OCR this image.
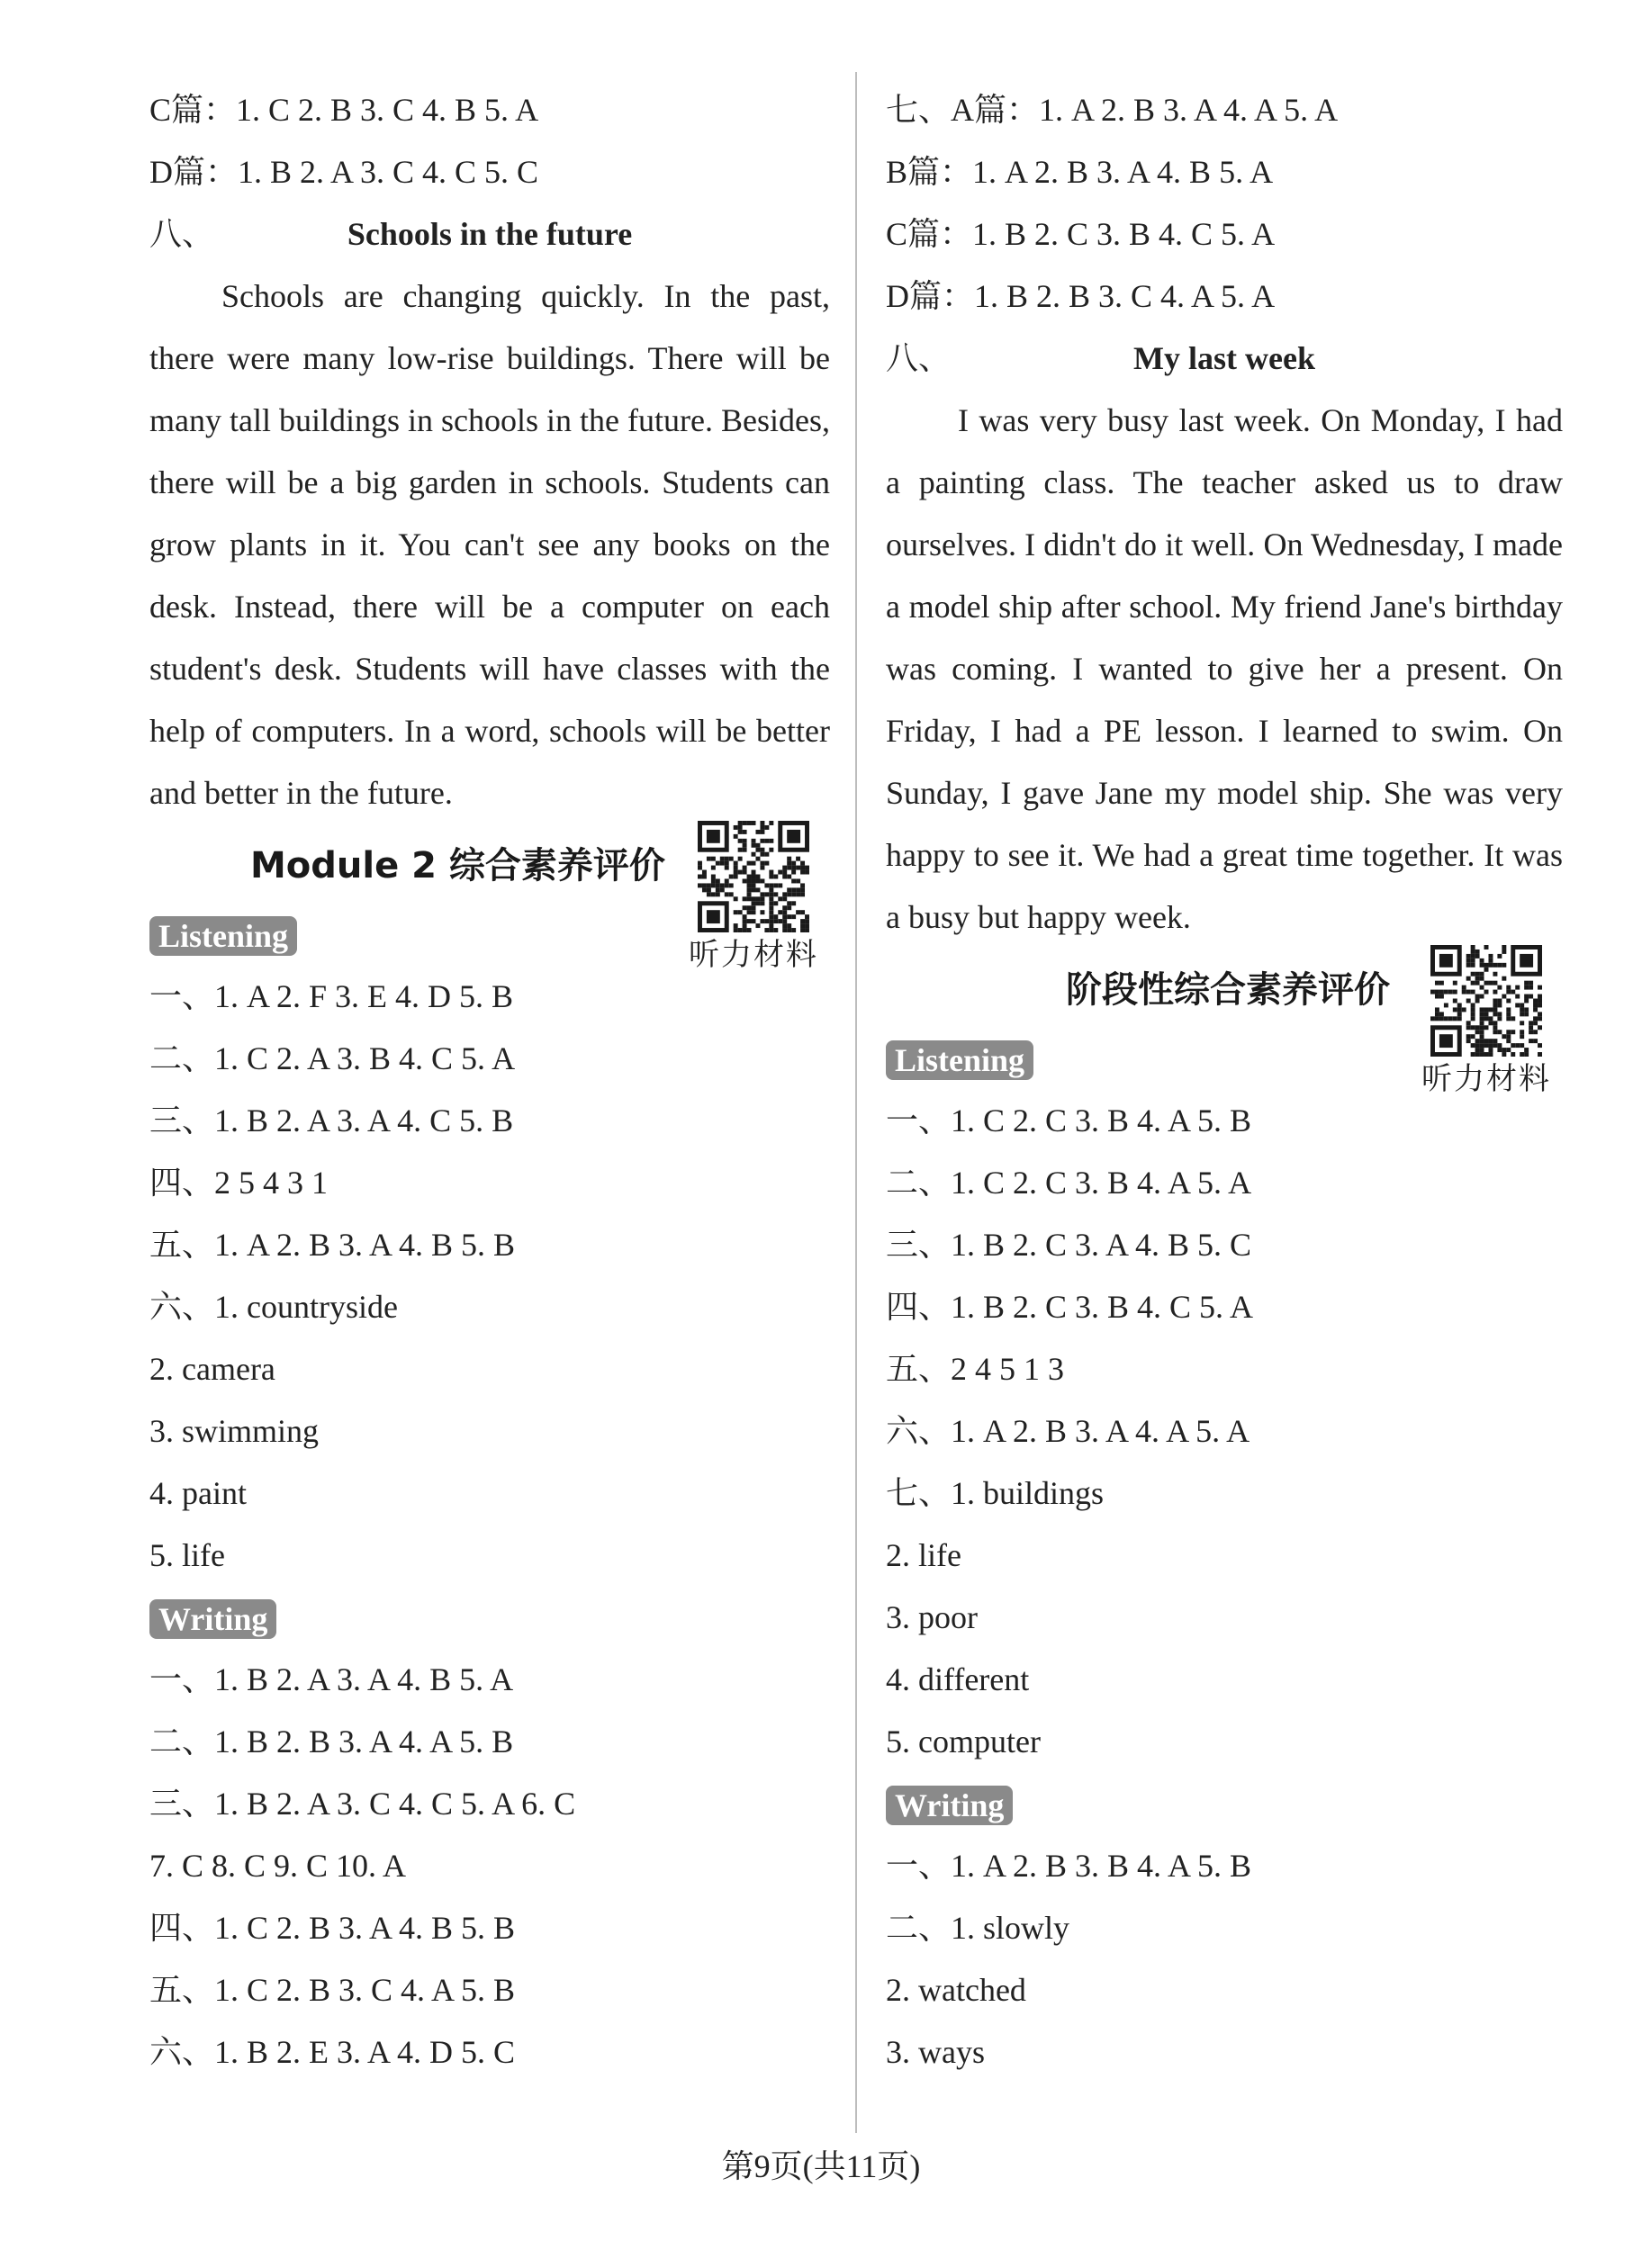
C篇：1. C 2. B 3. C 4. B 5. A
D篇：1. B 2. A 3. C 4. C 5. C
八、	Schools in the future

Schools are changing quickly. In the past, there were many low-rise buildings. There will be many tall buildings in schools in the future. Besides, there will be a big garden in schools. Students can grow plants in it. You can't see any books on the desk. Instead, there will be a computer on each student's desk. Students will have classes with the help of computers. In a word, schools will be better and better in the future.

Module 2 综合素养评价
听力材料
Listening
一、1. A 2. F 3. E 4. D 5. B
二、1. C 2. A 3. B 4. C 5. A
三、1. B 2. A 3. A 4. C 5. B
四、2 5 4 3 1
五、1. A 2. B 3. A 4. B 5. B
六、1. countryside
2. camera
3. swimming
4. paint
5. life
Writing
一、1. B 2. A 3. A 4. B 5. A
二、1. B 2. B 3. A 4. A 5. B
三、1. B 2. A 3. C 4. C 5. A 6. C
7. C 8. C 9. C 10. A
四、1. C 2. B 3. A 4. B 5. B
五、1. C 2. B 3. C 4. A 5. B
六、1. B 2. E 3. A 4. D 5. C
七、A篇：1. A 2. B 3. A 4. A 5. A
B篇：1. A 2. B 3. A 4. B 5. A
C篇：1. B 2. C 3. B 4. C 5. A
D篇：1. B 2. B 3. C 4. A 5. A
八、	My last week

I was very busy last week. On Monday, I had a painting class. The teacher asked us to draw ourselves. I didn't do it well. On Wednesday, I made a model ship after school. My friend Jane's birthday was coming. I wanted to give her a present. On Friday, I had a PE lesson. I learned to swim. On Sunday, I gave Jane my model ship. She was very happy to see it. We had a great time together. It was a busy but happy week.

阶段性综合素养评价
听力材料
Listening
一、1. C 2. C 3. B 4. A 5. B
二、1. C 2. C 3. B 4. A 5. A
三、1. B 2. C 3. A 4. B 5. C
四、1. B 2. C 3. B 4. C 5. A
五、2 4 5 1 3
六、1. A 2. B 3. A 4. A 5. A
七、1. buildings
2. life
3. poor
4. different
5. computer
Writing
一、1. A 2. B 3. B 4. A 5. B
二、1. slowly
2. watched
3. ways
第9页(共11页)
